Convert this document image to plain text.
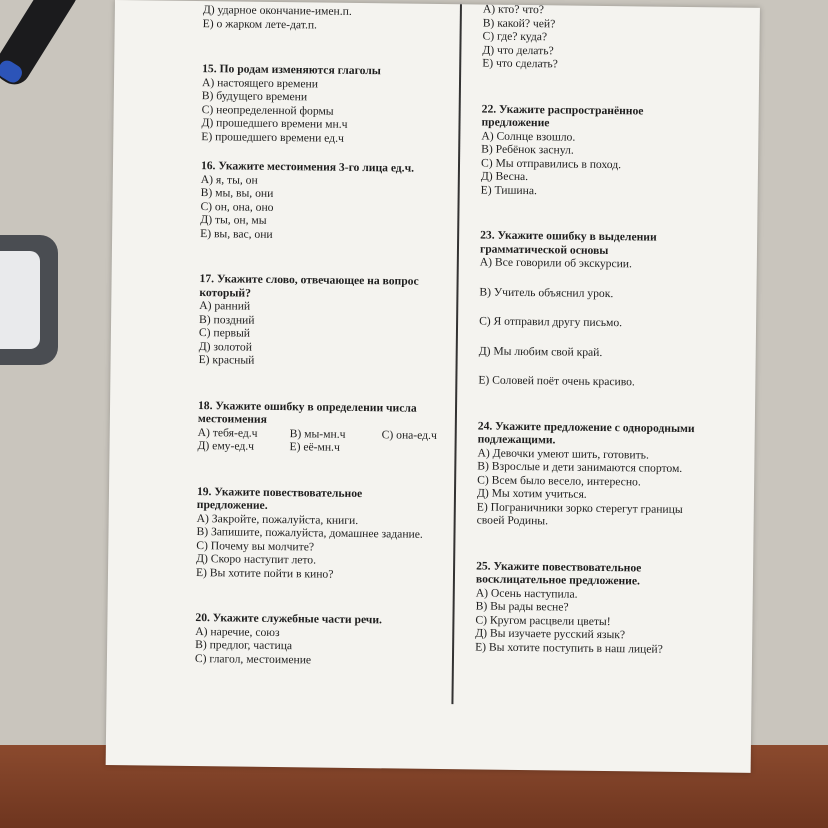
Д) ударное окончание-имен.п.
Е) о жарком лете-дат.п.
15. По родам изменяются глаголы
А) настоящего времени
В) будущего времени
С) неопределенной формы
Д) прошедшего времени мн.ч
Е) прошедшего времени ед.ч
16. Укажите местоимения 3-го лица ед.ч.
А) я, ты, он
В) мы, вы, они
С) он, она, оно
Д) ты, он, мы
Е) вы, вас, они
17. Укажите слово, отвечающее на вопрос
который?
А) ранний
В) поздний
С) первый
Д) золотой
Е) красный
18. Укажите ошибку в определении числа
местоимения
А) тебя-ед.ч	В) мы-мн.ч	С) она-ед.ч
Д) ему-ед.ч	Е) её-мн.ч
19. Укажите повествовательное
предложение.
А) Закройте, пожалуйста, книги.
В) Запишите, пожалуйста, домашнее задание.
С) Почему вы молчите?
Д) Скоро наступит лето.
Е) Вы хотите пойти в кино?
20. Укажите служебные части речи.
А) наречие, союз
В) предлог, частица
С) глагол, местоимение
А) кто? что?
В) какой? чей?
С) где? куда?
Д) что делать?
Е) что сделать?
22. Укажите распространённое
предложение
А) Солнце взошло.
В) Ребёнок заснул.
С) Мы отправились в поход.
Д) Весна.
Е) Тишина.
23. Укажите ошибку в выделении
грамматической основы
А) Все говорили об экскурсии.
В) Учитель объяснил урок.
С) Я отправил другу письмо.
Д) Мы любим свой край.
Е) Соловей поёт очень красиво.
24. Укажите предложение с однородными
подлежащими.
А) Девочки умеют шить, готовить.
В) Взрослые и дети занимаются спортом.
С) Всем было весело, интересно.
Д) Мы хотим учиться.
Е) Пограничники зорко стерегут границы
своей Родины.
25. Укажите повествовательное
восклицательное предложение.
А) Осень наступила.
В) Вы рады весне?
С) Кругом расцвели цветы!
Д) Вы изучаете русский язык?
Е) Вы хотите поступить в наш лицей?
